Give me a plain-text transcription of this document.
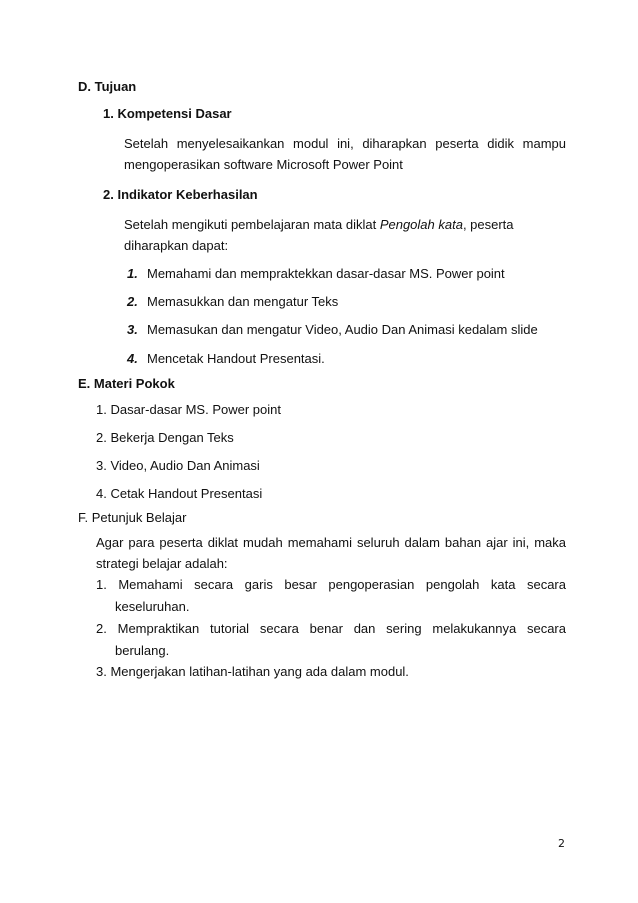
D. Tujuan
1. Kompetensi Dasar
Setelah menyelesaikankan modul ini, diharapkan peserta didik mampu
mengoperasikan software Microsoft Power Point
2. Indikator Keberhasilan
Setelah mengikuti pembelajaran mata diklat Pengolah kata, peserta
diharapkan dapat:
1. Memahami dan mempraktekkan dasar-dasar MS. Power point
2. Memasukkan dan mengatur Teks
3. Memasukan dan mengatur Video, Audio Dan Animasi kedalam slide
4. Mencetak Handout Presentasi.
E. Materi Pokok
1. Dasar-dasar MS. Power point
2. Bekerja Dengan Teks
3. Video, Audio Dan Animasi
4. Cetak Handout Presentasi
F. Petunjuk Belajar
Agar para peserta diklat mudah memahami seluruh dalam bahan ajar ini, maka
strategi belajar adalah:
1. Memahami secara garis besar pengoperasian pengolah kata secara
keseluruhan.
2. Mempraktikan tutorial secara benar dan sering melakukannya secara
berulang.
3. Mengerjakan latihan-latihan yang ada dalam modul.
2
